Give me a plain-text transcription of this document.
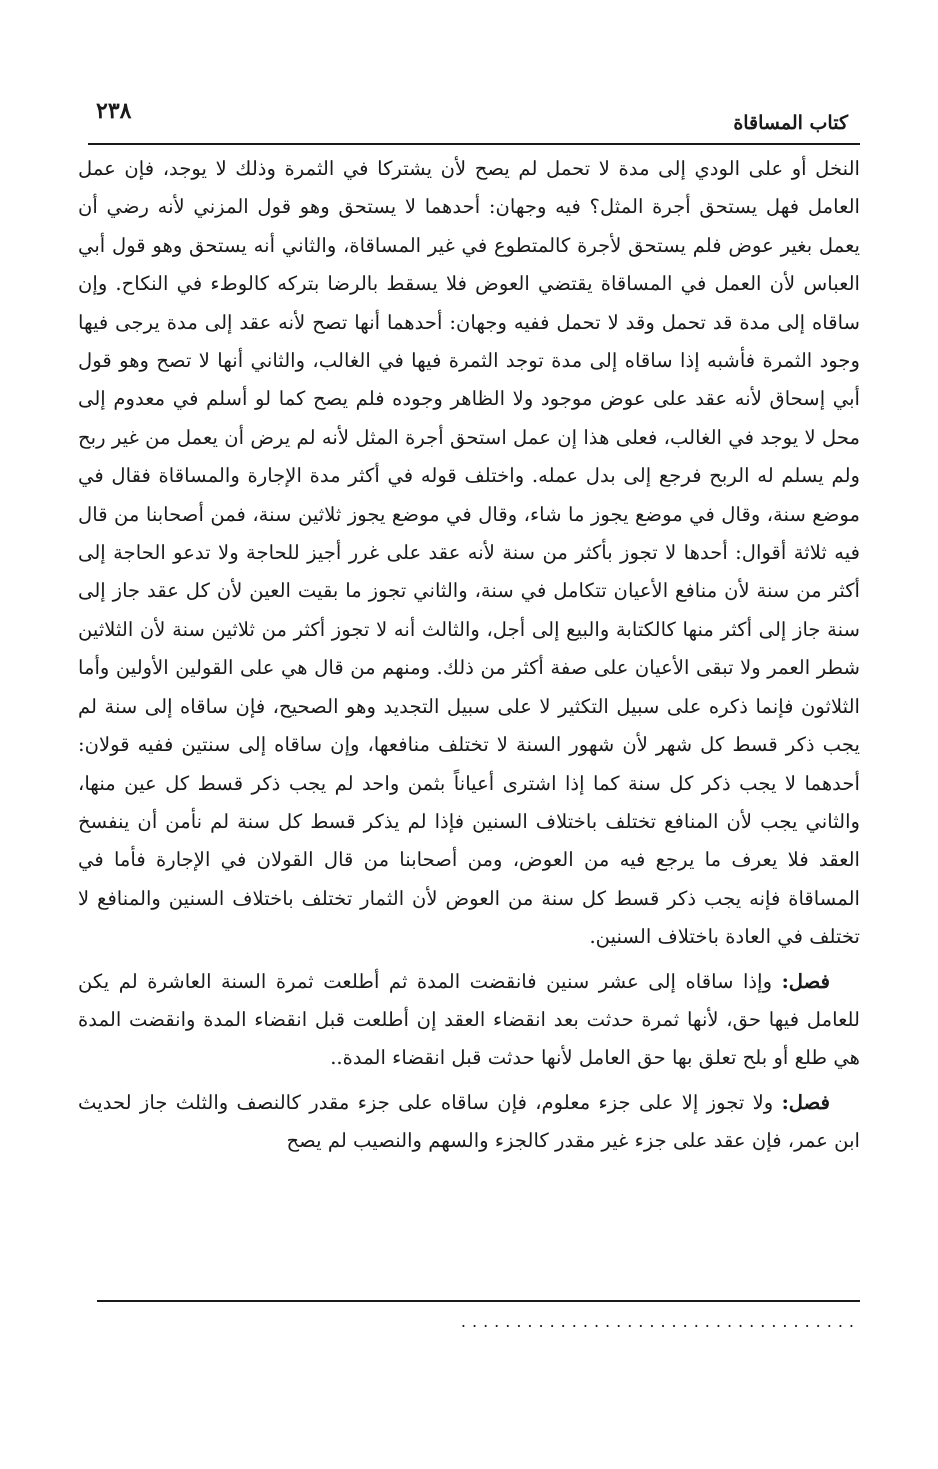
كتاب المساقاة
٢٣٨

النخل أو على الودي إلى مدة لا تحمل لم يصح لأن يشتركا في الثمرة وذلك لا يوجد، فإن عمل العامل فهل يستحق أجرة المثل؟ فيه وجهان: أحدهما لا يستحق وهو قول المزني لأنه رضي أن يعمل بغير عوض فلم يستحق لأجرة كالمتطوع في غير المساقاة، والثاني أنه يستحق وهو قول أبي العباس لأن العمل في المساقاة يقتضي العوض فلا يسقط بالرضا بتركه كالوطء في النكاح. وإن ساقاه إلى مدة قد تحمل وقد لا تحمل ففيه وجهان: أحدهما أنها تصح لأنه عقد إلى مدة يرجى فيها وجود الثمرة فأشبه إذا ساقاه إلى مدة توجد الثمرة فيها في الغالب، والثاني أنها لا تصح وهو قول أبي إسحاق لأنه عقد على عوض موجود ولا الظاهر وجوده فلم يصح كما لو أسلم في معدوم إلى محل لا يوجد في الغالب، فعلى هذا إن عمل استحق أجرة المثل لأنه لم يرض أن يعمل من غير ربح ولم يسلم له الربح فرجع إلى بدل عمله. واختلف قوله في أكثر مدة الإجارة والمساقاة فقال في موضع سنة، وقال في موضع يجوز ما شاء، وقال في موضع يجوز ثلاثين سنة، فمن أصحابنا من قال فيه ثلاثة أقوال: أحدها لا تجوز بأكثر من سنة لأنه عقد على غرر أجيز للحاجة ولا تدعو الحاجة إلى أكثر من سنة لأن منافع الأعيان تتكامل في سنة، والثاني تجوز ما بقيت العين لأن كل عقد جاز إلى سنة جاز إلى أكثر منها كالكتابة والبيع إلى أجل، والثالث أنه لا تجوز أكثر من ثلاثين سنة لأن الثلاثين شطر العمر ولا تبقى الأعيان على صفة أكثر من ذلك. ومنهم من قال هي على القولين الأولين وأما الثلاثون فإنما ذكره على سبيل التكثير لا على سبيل التجديد وهو الصحيح، فإن ساقاه إلى سنة لم يجب ذكر قسط كل شهر لأن شهور السنة لا تختلف منافعها، وإن ساقاه إلى سنتين ففيه قولان: أحدهما لا يجب ذكر كل سنة كما إذا اشترى أعياناً بثمن واحد لم يجب ذكر قسط كل عين منها، والثاني يجب لأن المنافع تختلف باختلاف السنين فإذا لم يذكر قسط كل سنة لم نأمن أن ينفسخ العقد فلا يعرف ما يرجع فيه من العوض، ومن أصحابنا من قال القولان في الإجارة فأما في المساقاة فإنه يجب ذكر قسط كل سنة من العوض لأن الثمار تختلف باختلاف السنين والمنافع لا تختلف في العادة باختلاف السنين.

فصل: وإذا ساقاه إلى عشر سنين فانقضت المدة ثم أطلعت ثمرة السنة العاشرة لم يكن للعامل فيها حق، لأنها ثمرة حدثت بعد انقضاء العقد إن أطلعت قبل انقضاء المدة وانقضت المدة هي طلع أو بلح تعلق بها حق العامل لأنها حدثت قبل انقضاء المدة..

فصل: ولا تجوز إلا على جزء معلوم، فإن ساقاه على جزء مقدر كالنصف والثلث جاز لحديث ابن عمر، فإن عقد على جزء غير مقدر كالجزء والسهم والنصيب لم يصح

....................................
